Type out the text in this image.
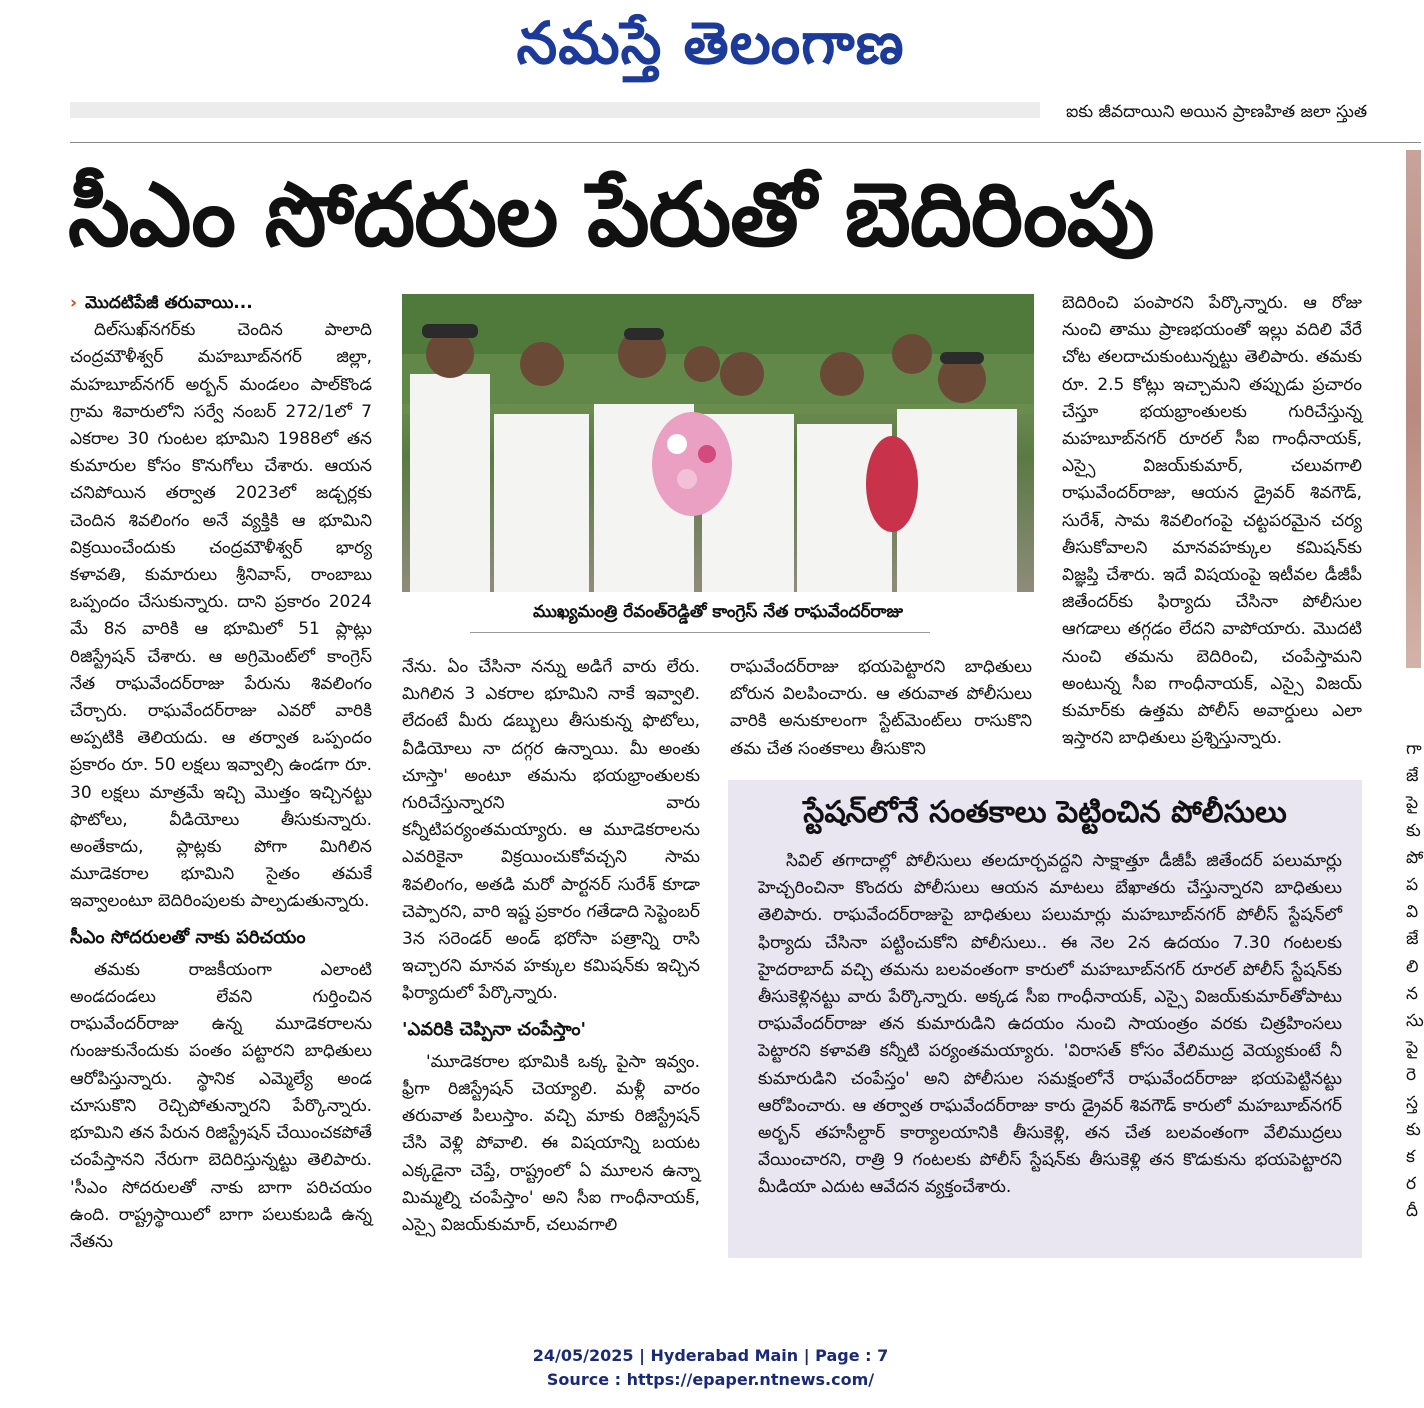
నమస్తే తెలంగాణ
ఐకు జీవదాయిని అయిన ప్రాణహిత జలా స్తుత
సీఎం సోదరుల పేరుతో బెదిరింపు

› మొదటిపేజీ తరువాయి...

దిల్‌సుఖ్‌నగర్‌కు చెందిన పాలాది చంద్రమౌళీశ్వర్ మహబూబ్‌నగర్ జిల్లా, మహబూబ్‌నగర్ అర్బన్ మండలం పాల్‌కొండ గ్రామ శివారులోని సర్వే నంబర్ 272/1లో 7 ఎకరాల 30 గుంటల భూమిని 1988లో తన కుమారుల కోసం కొనుగోలు చేశారు. ఆయన చనిపోయిన తర్వాత 2023లో జడ్చర్లకు చెందిన శివలింగం అనే వ్యక్తికి ఆ భూమిని విక్రయించేందుకు చంద్రమౌళీశ్వర్ భార్య కళావతి, కుమారులు శ్రీనివాస్, రాంబాబు ఒప్పందం చేసుకున్నారు. దాని ప్రకారం 2024 మే 8న వారికి ఆ భూమిలో 51 ప్లాట్లు రిజిస్ట్రేషన్ చేశారు. ఆ అగ్రిమెంట్‌లో కాంగ్రెస్ నేత రాఘవేందర్‌రాజు పేరును శివలింగం చేర్చారు. రాఘవేందర్‌రాజు ఎవరో వారికి అప్పటికి తెలియదు. ఆ తర్వాత ఒప్పందం ప్రకారం రూ. 50 లక్షలు ఇవ్వాల్సి ఉండగా రూ. 30 లక్షలు మాత్రమే ఇచ్చి మొత్తం ఇచ్చినట్టు ఫొటోలు, వీడియోలు తీసుకున్నారు. అంతేకాదు, ప్లాట్లకు పోగా మిగిలిన మూడెకరాల భూమిని సైతం తమకే ఇవ్వాలంటూ బెదిరింపులకు పాల్పడుతున్నారు.

సీఎం సోదరులతో నాకు పరిచయం

తమకు రాజకీయంగా ఎలాంటి అండదండలు లేవని గుర్తించిన రాఘవేందర్‌రాజు ఉన్న మూడెకరాలను గుంజుకునేందుకు పంతం పట్టారని బాధితులు ఆరోపిస్తున్నారు. స్థానిక ఎమ్మెల్యే అండ చూసుకొని రెచ్చిపోతున్నారని పేర్కొన్నారు. భూమిని తన పేరున రిజిస్ట్రేషన్ చేయించకపోతే చంపేస్తానని నేరుగా బెదిరిస్తున్నట్టు తెలిపారు. 'సీఎం సోదరులతో నాకు బాగా పరిచయం ఉంది. రాష్ట్రస్థాయిలో బాగా పలుకుబడి ఉన్న నేతను

ముఖ్యమంత్రి రేవంత్‌రెడ్డితో కాంగ్రెస్ నేత రాఘవేందర్‌రాజు

నేను. ఏం చేసినా నన్ను అడిగే వారు లేరు. మిగిలిన 3 ఎకరాల భూమిని నాకే ఇవ్వాలి. లేదంటే మీరు డబ్బులు తీసుకున్న ఫొటోలు, వీడియోలు నా దగ్గర ఉన్నాయి. మీ అంతు చూస్తా' అంటూ తమను భయభ్రాంతులకు గురిచేస్తున్నారని వారు కన్నీటిపర్యంతమయ్యారు. ఆ మూడెకరాలను ఎవరికైనా విక్రయించుకోవచ్చని సామ శివలింగం, అతడి మరో పార్టనర్ సురేశ్ కూడా చెప్పారని, వారి ఇష్ట ప్రకారం గతేడాది సెప్టెంబర్ 3న సరెండర్ అండ్ భరోసా పత్రాన్ని రాసి ఇచ్చారని మానవ హక్కుల కమిషన్‌కు ఇచ్చిన ఫిర్యాదులో పేర్కొన్నారు.

'ఎవరికి చెప్పినా చంపేస్తాం'

'మూడెకరాల భూమికి ఒక్క పైసా ఇవ్వం. ఫ్రీగా రిజిస్ట్రేషన్ చెయ్యాలి. మళ్లీ వారం తరువాత పిలుస్తాం. వచ్చి మాకు రిజిస్ట్రేషన్ చేసి వెళ్లి పోవాలి. ఈ విషయాన్ని బయట ఎక్కడైనా చెప్తే, రాష్ట్రంలో ఏ మూలన ఉన్నా మిమ్మల్ని చంపేస్తాం' అని సీఐ గాంధీనాయక్, ఎస్సై విజయ్‌కుమార్, చలువగాలి

రాఘవేందర్‌రాజు భయపెట్టారని బాధితులు బోరున విలపించారు. ఆ తరువాత పోలీసులు వారికి అనుకూలంగా స్టేట్‌మెంట్‌లు రాసుకొని తమ చేత సంతకాలు తీసుకొని

బెదిరించి పంపారని పేర్కొన్నారు. ఆ రోజు నుంచి తాము ప్రాణభయంతో ఇల్లు వదిలి వేరే చోట తలదాచుకుంటున్నట్టు తెలిపారు. తమకు రూ. 2.5 కోట్లు ఇచ్చామని తప్పుడు ప్రచారం చేస్తూ భయభ్రాంతులకు గురిచేస్తున్న మహబూబ్‌నగర్ రూరల్ సీఐ గాంధీనాయక్, ఎస్సై విజయ్‌కుమార్, చలువగాలి రాఘవేందర్‌రాజు, ఆయన డ్రైవర్ శివగౌడ్, సురేశ్, సామ శివలింగంపై చట్టపరమైన చర్య తీసుకోవాలని మానవహక్కుల కమిషన్‌కు విజ్ఞప్తి చేశారు. ఇదే విషయంపై ఇటీవల డీజీపీ జితేందర్‌కు ఫిర్యాదు చేసినా పోలీసుల ఆగడాలు తగ్గడం లేదని వాపోయారు. మొదటి నుంచి తమను బెదిరించి, చంపేస్తామని అంటున్న సీఐ గాంధీనాయక్, ఎస్సై విజయ్ కుమార్‌కు ఉత్తమ పోలీస్ అవార్డులు ఎలా ఇస్తారని బాధితులు ప్రశ్నిస్తున్నారు.

స్టేషన్‌లోనే సంతకాలు పెట్టించిన పోలీసులు

సివిల్ తగాదాల్లో పోలీసులు తలదూర్చవద్దని సాక్షాత్తూ డీజీపీ జితేందర్ పలుమార్లు హెచ్చరించినా కొందరు పోలీసులు ఆయన మాటలు బేఖాతరు చేస్తున్నారని బాధితులు తెలిపారు. రాఘవేందర్‌రాజుపై బాధితులు పలుమార్లు మహబూబ్‌నగర్ పోలీస్ స్టేషన్‌లో ఫిర్యాదు చేసినా పట్టించుకోని పోలీసులు.. ఈ నెల 2న ఉదయం 7.30 గంటలకు హైదరాబాద్ వచ్చి తమను బలవంతంగా కారులో మహబూబ్‌నగర్ రూరల్ పోలీస్ స్టేషన్‌కు తీసుకెళ్లినట్టు వారు పేర్కొన్నారు. అక్కడ సీఐ గాంధీనాయక్, ఎస్సై విజయ్‌కుమార్‌తోపాటు రాఘవేందర్‌రాజు తన కుమారుడిని ఉదయం నుంచి సాయంత్రం వరకు చిత్రహింసలు పెట్టారని కళావతి కన్నీటి పర్యంతమయ్యారు. 'విరాసత్ కోసం వేలిముద్ర వెయ్యకుంటే నీ కుమారుడిని చంపేస్తం' అని పోలీసుల సమక్షంలోనే రాఘవేందర్‌రాజు భయపెట్టినట్టు ఆరోపించారు. ఆ తర్వాత రాఘవేందర్‌రాజు కారు డ్రైవర్ శివగౌడ్ కారులో మహబూబ్‌నగర్ అర్బన్ తహసీల్దార్ కార్యాలయానికి తీసుకెళ్లి, తన చేత బలవంతంగా వేలిముద్రలు వేయించారని, రాత్రి 9 గంటలకు పోలీస్ స్టేషన్‌కు తీసుకెళ్లి తన కొడుకును భయపెట్టారని మీడియా ఎదుట ఆవేదన వ్యక్తంచేశారు.

గా
జే
పై
కు
పో
ప
వి
జే
లి
న
సు
పై
రె
స్త
కు
క
ర
దీ
24/05/2025 | Hyderabad Main | Page : 7
Source : https://epaper.ntnews.com/
